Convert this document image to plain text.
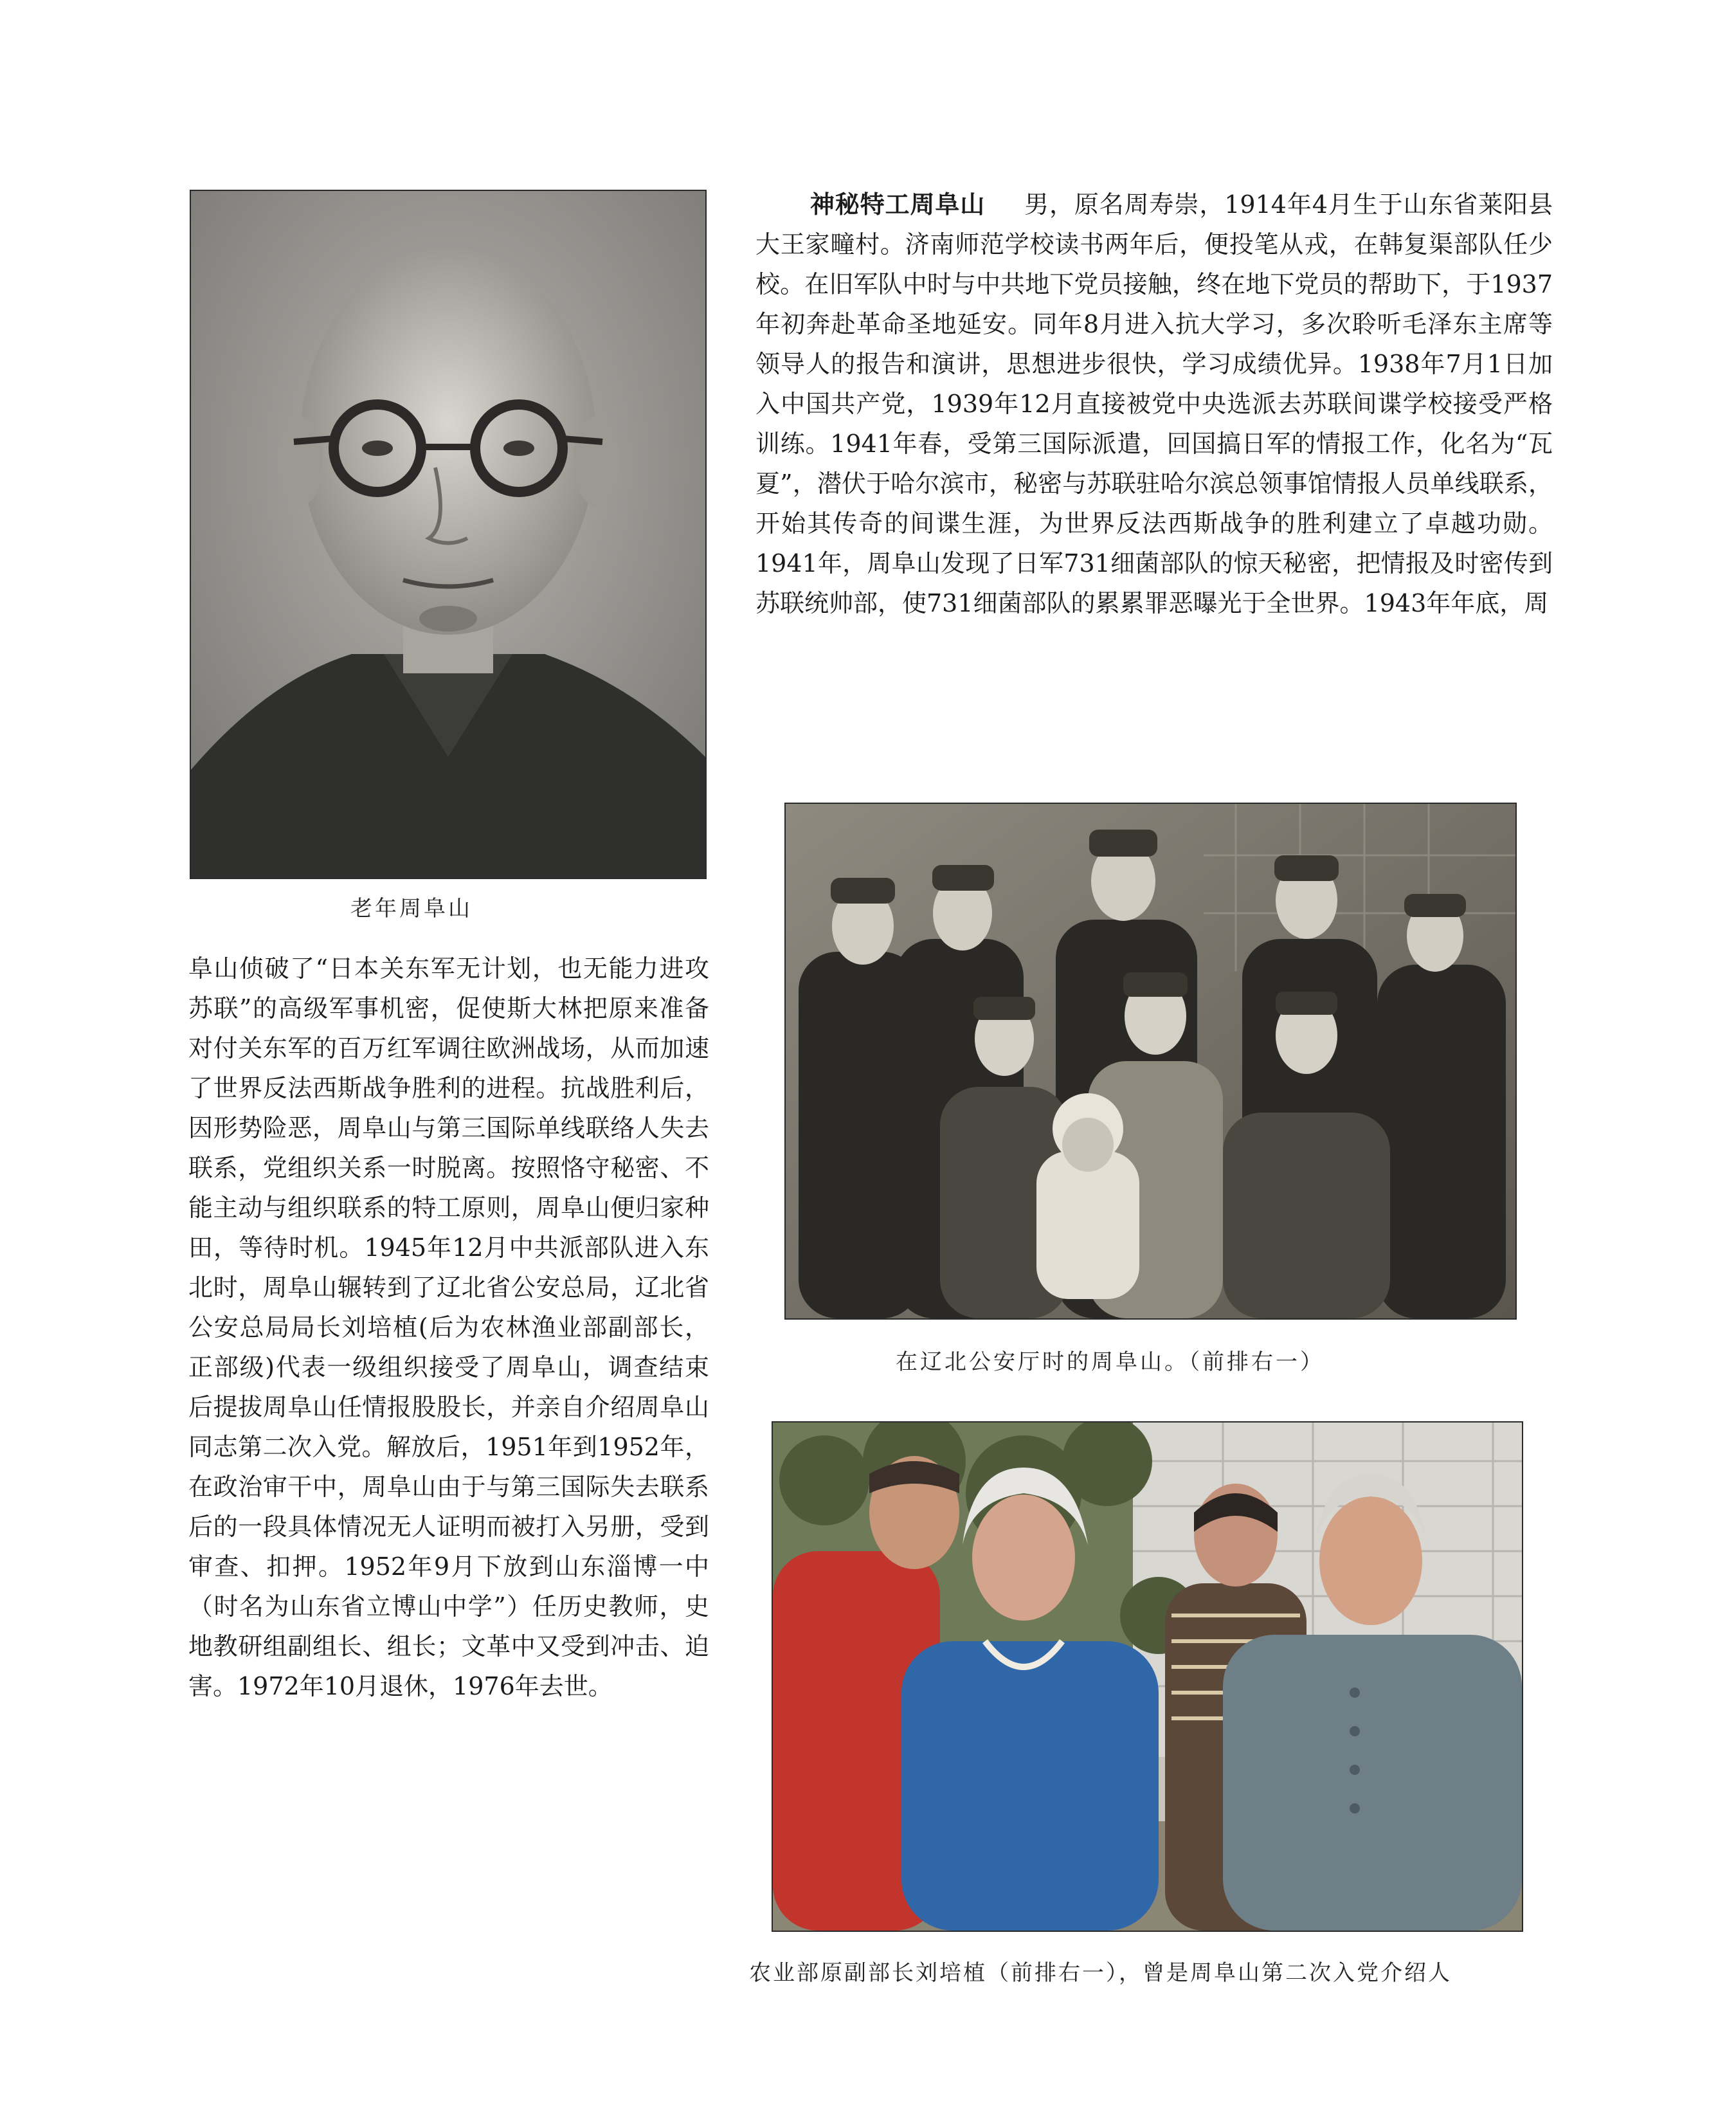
老年周阜山

神秘特工周阜山 男，原名周寿崇，1914年4月生于山东省莱阳县大王家疃村。济南师范学校读书两年后，便投笔从戎，在韩复渠部队任少校。在旧军队中时与中共地下党员接触，终在地下党员的帮助下，于1937年初奔赴革命圣地延安。同年8月进入抗大学习，多次聆听毛泽东主席等领导人的报告和演讲，思想进步很快，学习成绩优异。1938年7月1日加入中国共产党，1939年12月直接被党中央选派去苏联间谍学校接受严格训练。1941年春，受第三国际派遣，回国搞日军的情报工作，化名为“瓦夏”，潜伏于哈尔滨市，秘密与苏联驻哈尔滨总领事馆情报人员单线联系，开始其传奇的间谍生涯，为世界反法西斯战争的胜利建立了卓越功勋。1941年，周阜山发现了日军731细菌部队的惊天秘密，把情报及时密传到苏联统帅部，使731细菌部队的累累罪恶曝光于全世界。1943年年底，周

在辽北公安厅时的周阜山。（前排右一）

阜山侦破了“日本关东军无计划，也无能力进攻苏联”的高级军事机密，促使斯大林把原来准备对付关东军的百万红军调往欧洲战场，从而加速了世界反法西斯战争胜利的进程。抗战胜利后，因形势险恶，周阜山与第三国际单线联络人失去联系，党组织关系一时脱离。按照恪守秘密、不能主动与组织联系的特工原则，周阜山便归家种田，等待时机。1945年12月中共派部队进入东北时，周阜山辗转到了辽北省公安总局，辽北省公安总局局长刘培植(后为农林渔业部副部长，正部级)代表一级组织接受了周阜山，调查结束后提拔周阜山任情报股股长，并亲自介绍周阜山同志第二次入党。解放后，1951年到1952年，在政治审干中，周阜山由于与第三国际失去联系后的一段具体情况无人证明而被打入另册，受到审查、扣押。1952年9月下放到山东淄博一中（时名为山东省立博山中学”）任历史教师，史地教研组副组长、组长；文革中又受到冲击、迫害。1972年10月退休，1976年去世。

农业部原副部长刘培植（前排右一），曾是周阜山第二次入党介绍人
